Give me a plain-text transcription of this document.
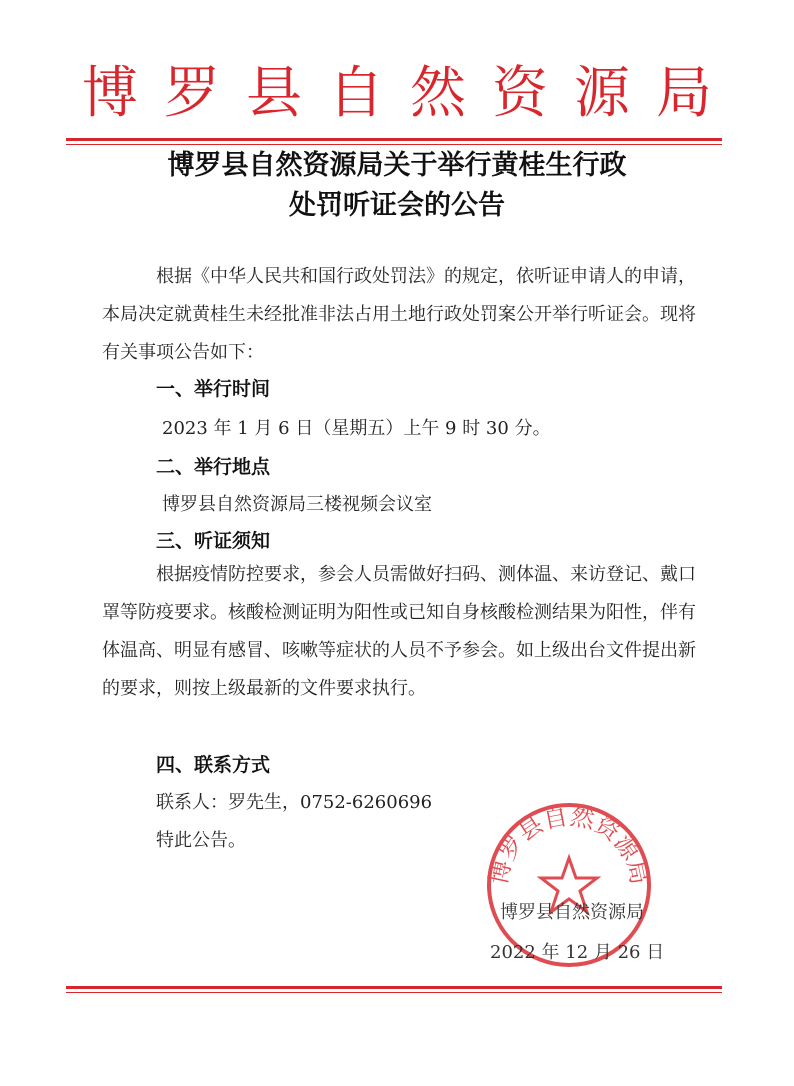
博罗县自然资源局
博罗县自然资源局关于举行黄桂生行政
处罚听证会的公告
根据《中华人民共和国行政处罚法》的规定，依听证申请人的申请，本局决定就黄桂生未经批准非法占用土地行政处罚案公开举行听证会。现将有关事项公告如下：
一、举行时间
2023 年 1 月 6 日（星期五）上午 9 时 30 分。
二、举行地点
博罗县自然资源局三楼视频会议室
三、听证须知
根据疫情防控要求，参会人员需做好扫码、测体温、来访登记、戴口罩等防疫要求。核酸检测证明为阳性或已知自身核酸检测结果为阳性，伴有体温高、明显有感冒、咳嗽等症状的人员不予参会。如上级出台文件提出新的要求，则按上级最新的文件要求执行。
四、联系方式
联系人：罗先生，0752-6260696
特此公告。
博罗县自然资源局
博罗县自然资源局
2022 年 12 月 26 日
